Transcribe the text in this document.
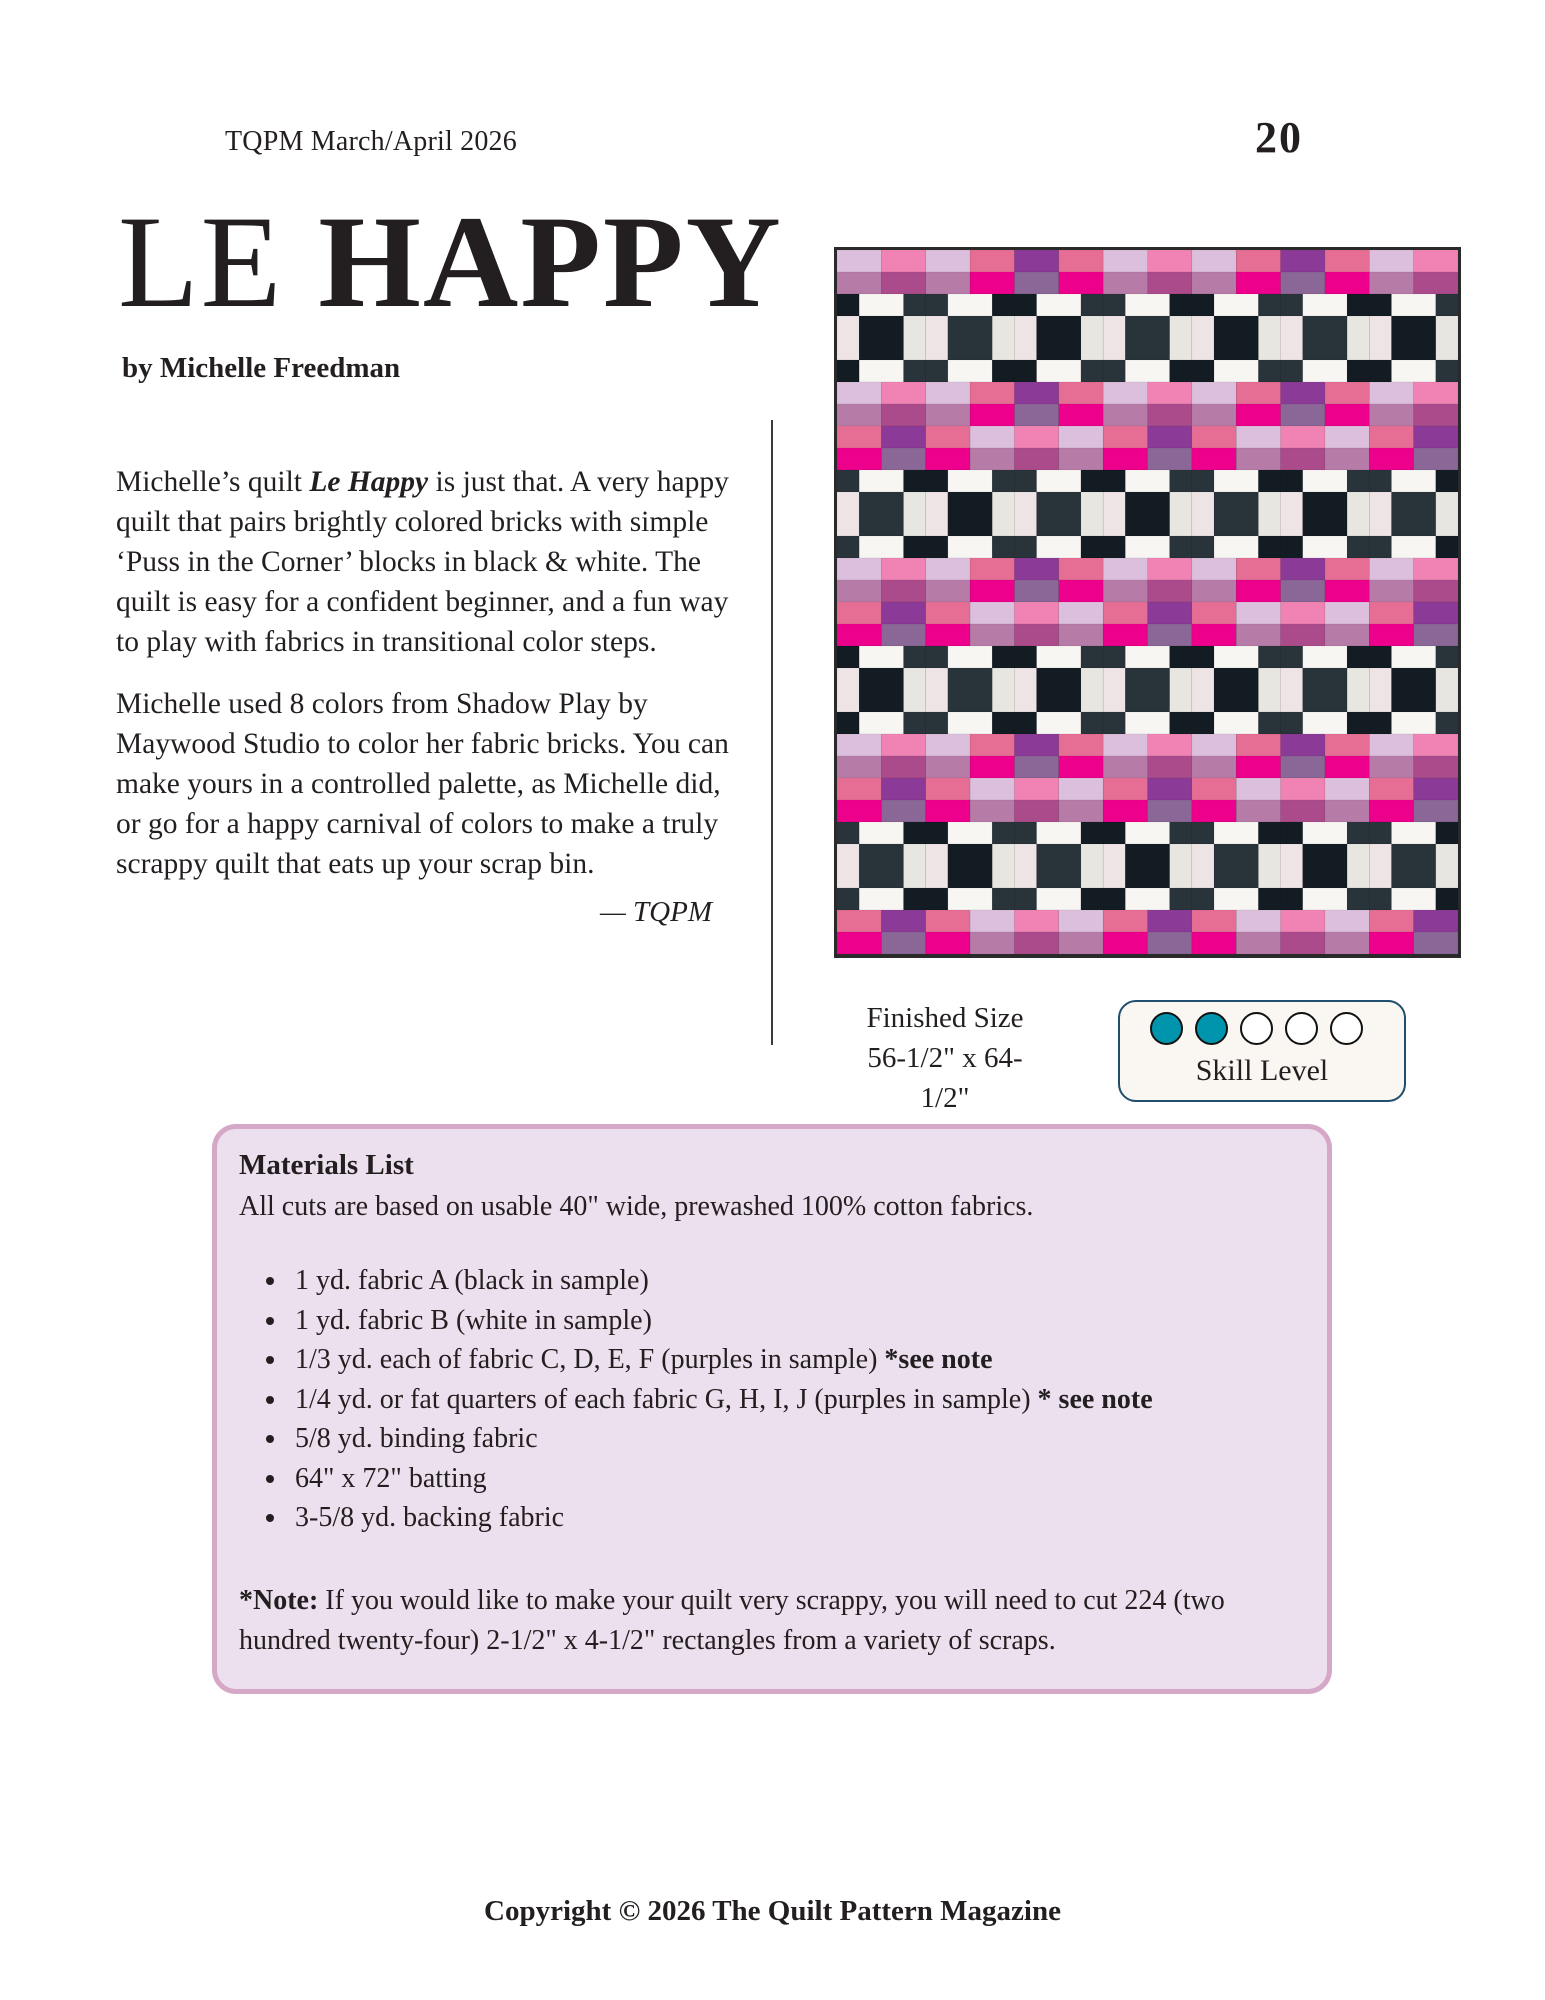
TQPM March/April 2026	20
LE HAPPY
by Michelle Freedman

Michelle’s quilt Le Happy is just that. A very happy quilt that pairs brightly colored bricks with simple ‘Puss in the Corner’ blocks in black & white. The quilt is easy for a confident beginner, and a fun way to play with fabrics in transitional color steps.

Michelle used 8 colors from Shadow Play by Maywood Studio to color her fabric bricks. You can make yours in a controlled palette, as Michelle did, or go for a happy carnival of colors to make a truly scrappy quilt that eats up your scrap bin.

— TQPM
Finished Size
56-1/2" x 64-1/2"
Skill Level
Materials List
All cuts are based on usable 40" wide, prewashed 100% cotton fabrics.
• 1 yd. fabric A (black in sample)
• 1 yd. fabric B (white in sample)
• 1/3 yd. each of fabric C, D, E, F (purples in sample) *see note
• 1/4 yd. or fat quarters of each fabric G, H, I, J (purples in sample) * see note
• 5/8 yd. binding fabric
• 64" x 72" batting
• 3-5/8 yd. backing fabric
*Note: If you would like to make your quilt very scrappy, you will need to cut 224 (two hundred twenty-four) 2-1/2" x 4-1/2" rectangles from a variety of scraps.
Copyright © 2026 The Quilt Pattern Magazine
